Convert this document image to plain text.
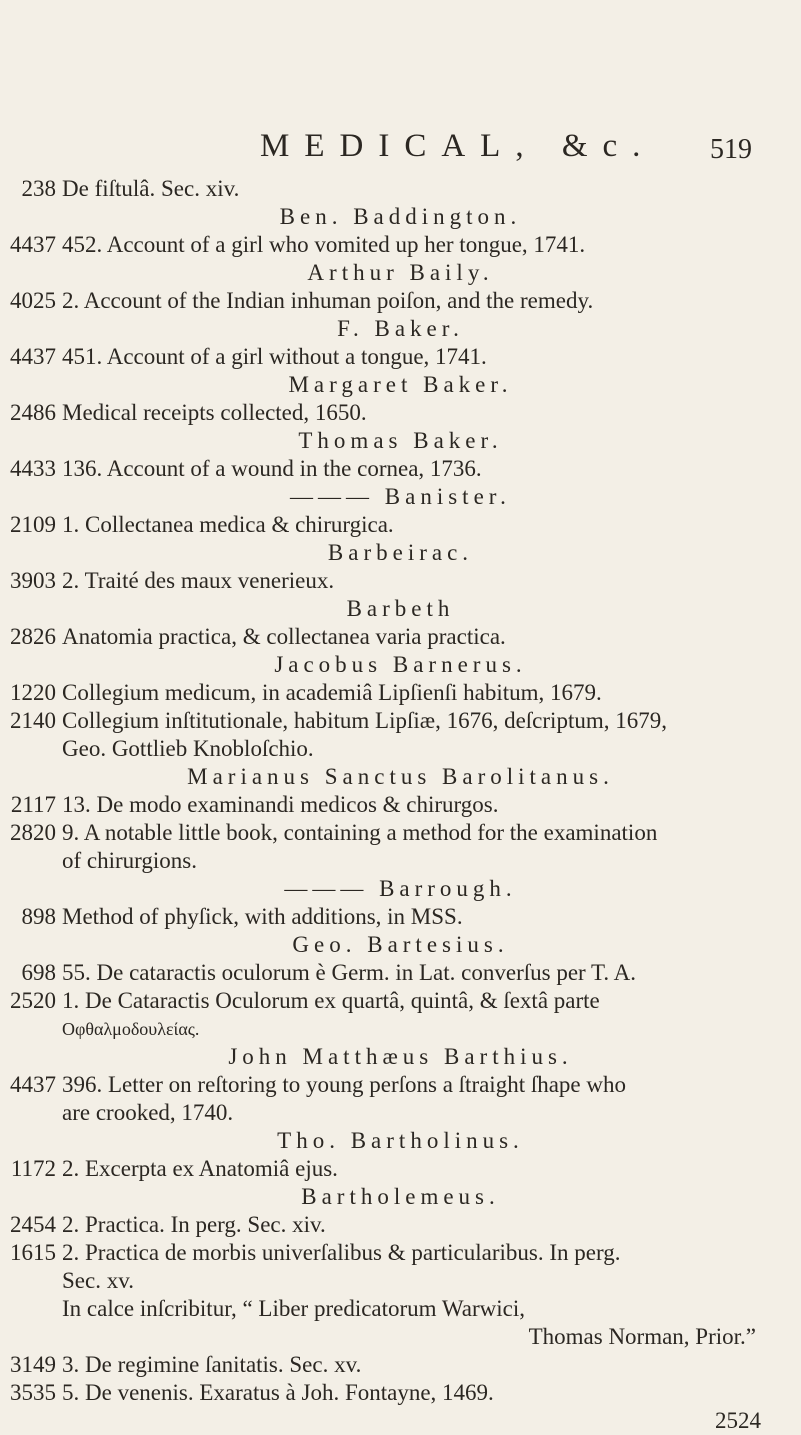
MEDICAL, &c. 519
238 De fiſtulâ. Sec. xiv.
Ben. Baddington.
4437 452. Account of a girl who vomited up her tongue, 1741.
Arthur Baily.
4025 2. Account of the Indian inhuman poiſon, and the remedy.
F. Baker.
4437 451. Account of a girl without a tongue, 1741.
Margaret Baker.
2486 Medical receipts collected, 1650.
Thomas Baker.
4433 136. Account of a wound in the cornea, 1736.
——— Banister.
2109 1. Collectanea medica & chirurgica.
Barbeirac.
3903 2. Traité des maux venerieux.
Barbeth
2826 Anatomia practica, & collectanea varia practica.
Jacobus Barnerus.
1220 Collegium medicum, in academiâ Lipſienſi habitum, 1679.
2140 Collegium inſtitutionale, habitum Lipſiæ, 1676, deſcriptum, 1679,
Geo. Gottlieb Knobloſchio.
Marianus Sanctus Barolitanus.
2117 13. De modo examinandi medicos & chirurgos.
2820 9. A notable little book, containing a method for the examination
of chirurgions.
——— Barrough.
898 Method of phyſick, with additions, in MSS.
Geo. Bartesius.
698 55. De cataractis oculorum è Germ. in Lat. converſus per T. A.
2520 1. De Cataractis Oculorum ex quartâ, quintâ, & ſextâ parte
Οφθαλμοδουλείας.
John Matthæus Barthius.
4437 396. Letter on reſtoring to young perſons a ſtraight ſhape who
are crooked, 1740.
Tho. Bartholinus.
1172 2. Excerpta ex Anatomiâ ejus.
Bartholemeus.
2454 2. Practica. In perg. Sec. xiv.
1615 2. Practica de morbis univerſalibus & particularibus. In perg.
Sec. xv.
In calce inſcribitur, “ Liber predicatorum Warwici,
Thomas Norman, Prior.”
3149 3. De regimine ſanitatis. Sec. xv.
3535 5. De venenis. Exaratus à Joh. Fontayne, 1469.
2524
